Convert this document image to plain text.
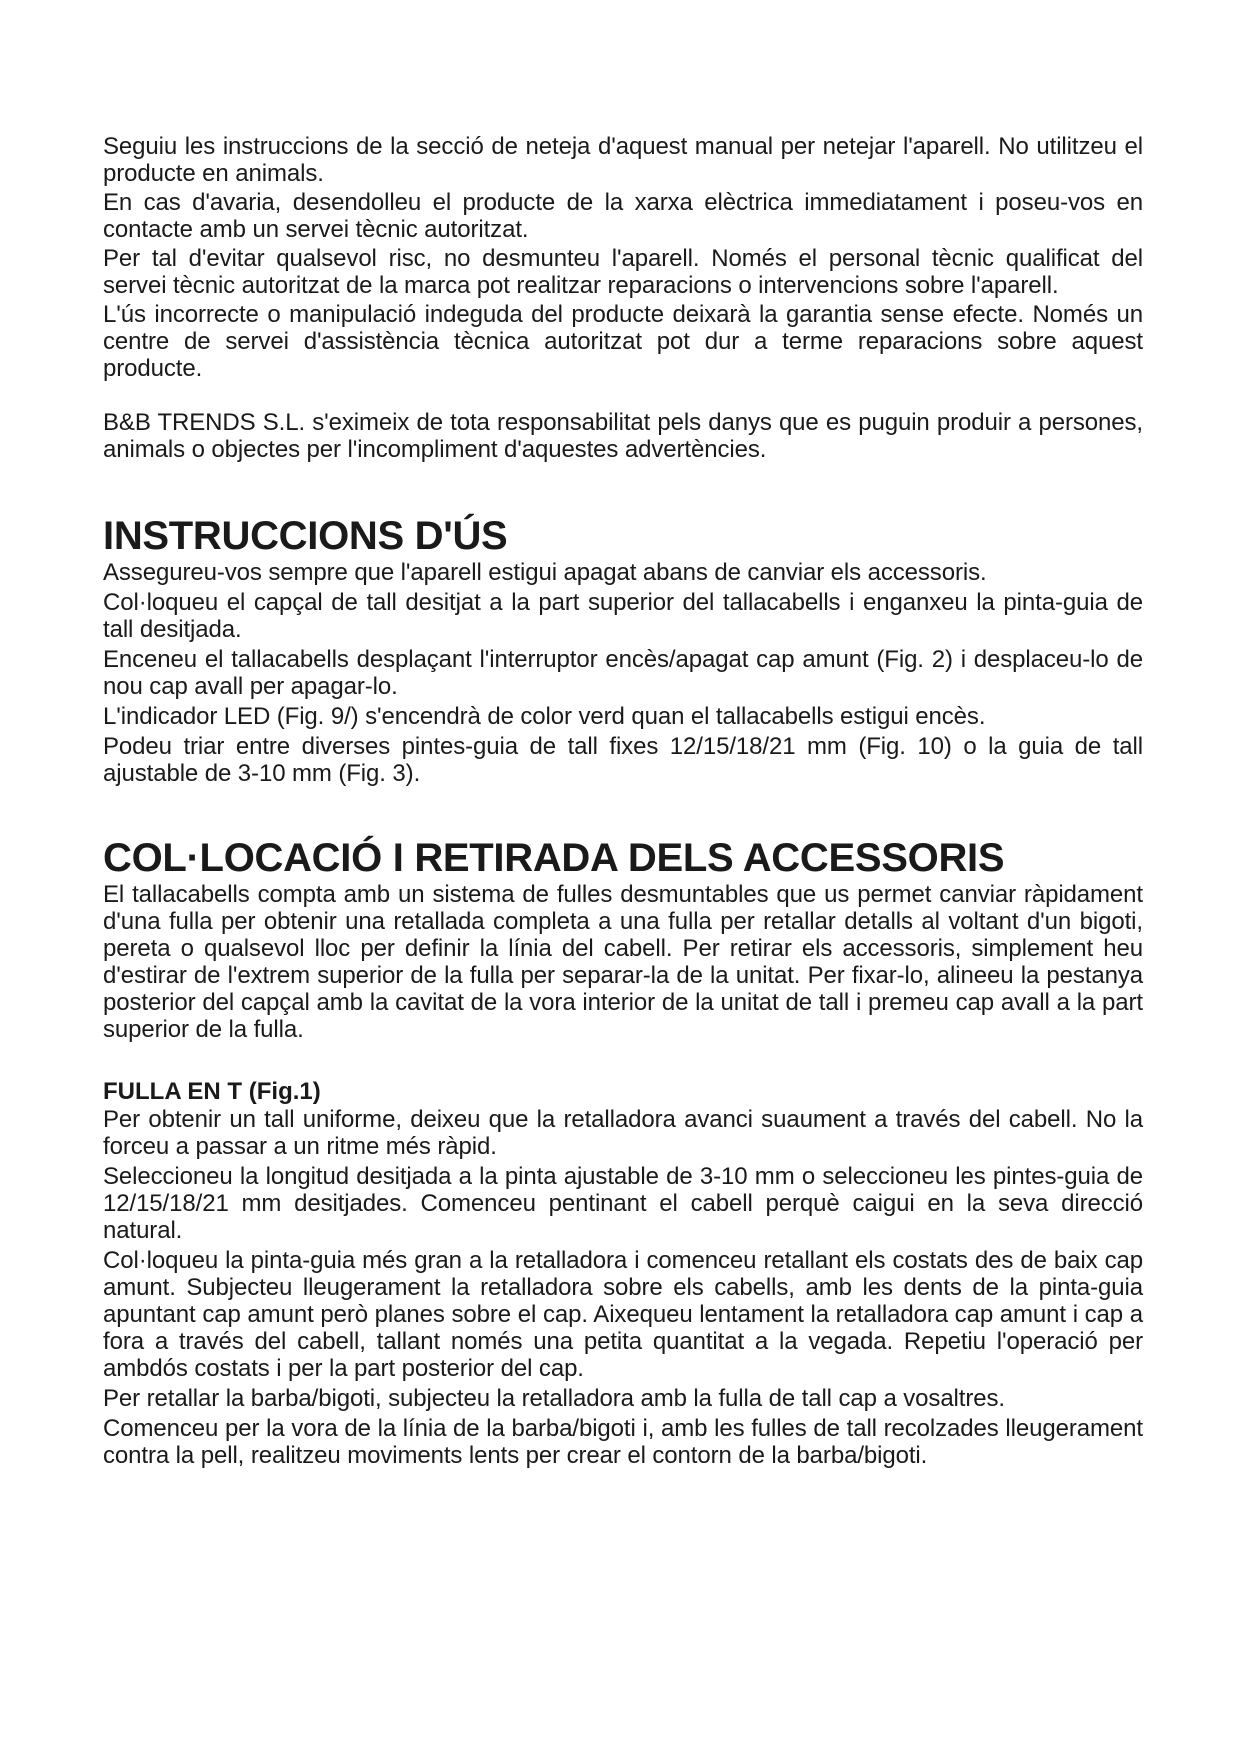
Seguiu les instruccions de la secció de neteja d'aquest manual per netejar l'aparell. No utilitzeu el producte en animals.

En cas d'avaria, desendolleu el producte de la xarxa elèctrica immediatament i poseu-vos en contacte amb un servei tècnic autoritzat.

Per tal d'evitar qualsevol risc, no desmunteu l'aparell. Només el personal tècnic qualificat del servei tècnic autoritzat de la marca pot realitzar reparacions o intervencions sobre l'aparell.

L'ús incorrecte o manipulació indeguda del producte deixarà la garantia sense efecte. Només un centre de servei d'assistència tècnica autoritzat pot dur a terme reparacions sobre aquest producte.

B&B TRENDS S.L. s'eximeix de tota responsabilitat pels danys que es puguin produir a persones, animals o objectes per l'incompliment d'aquestes advertències.

INSTRUCCIONS D'ÚS

Assegureu-vos sempre que l'aparell estigui apagat abans de canviar els accessoris.

Col·loqueu el capçal de tall desitjat a la part superior del tallacabells i enganxeu la pinta-guia de tall desitjada.

Enceneu el tallacabells desplaçant l'interruptor encès/apagat cap amunt (Fig. 2) i desplaceu-lo de nou cap avall per apagar-lo.

L'indicador LED (Fig. 9/) s'encendrà de color verd quan el tallacabells estigui encès.

Podeu triar entre diverses pintes-guia de tall fixes 12/15/18/21 mm (Fig. 10) o la guia de tall ajustable de 3-10 mm (Fig. 3).

COL·LOCACIÓ I RETIRADA DELS ACCESSORIS

El tallacabells compta amb un sistema de fulles desmuntables que us permet canviar ràpidament d'una fulla per obtenir una retallada completa a una fulla per retallar detalls al voltant d'un bigoti, pereta o qualsevol lloc per definir la línia del cabell. Per retirar els accessoris, simplement heu d'estirar de l'extrem superior de la fulla per separar-la de la unitat. Per fixar-lo, alineeu la pestanya posterior del capçal amb la cavitat de la vora interior de la unitat de tall i premeu cap avall a la part superior de la fulla.

FULLA EN T (Fig.1)

Per obtenir un tall uniforme, deixeu que la retalladora avanci suaument a través del cabell. No la forceu a passar a un ritme més ràpid.

Seleccioneu la longitud desitjada a la pinta ajustable de 3-10 mm o seleccioneu les pintes-guia de 12/15/18/21 mm desitjades. Comenceu pentinant el cabell perquè caigui en la seva direcció natural.

Col·loqueu la pinta-guia més gran a la retalladora i comenceu retallant els costats des de baix cap amunt. Subjecteu lleugerament la retalladora sobre els cabells, amb les dents de la pinta-guia apuntant cap amunt però planes sobre el cap. Aixequeu lentament la retalladora cap amunt i cap a fora a través del cabell, tallant només una petita quantitat a la vegada. Repetiu l'operació per ambdós costats i per la part posterior del cap.

Per retallar la barba/bigoti, subjecteu la retalladora amb la fulla de tall cap a vosaltres.

Comenceu per la vora de la línia de la barba/bigoti i, amb les fulles de tall recolzades lleugerament contra la pell, realitzeu moviments lents per crear el contorn de la barba/bigoti.
